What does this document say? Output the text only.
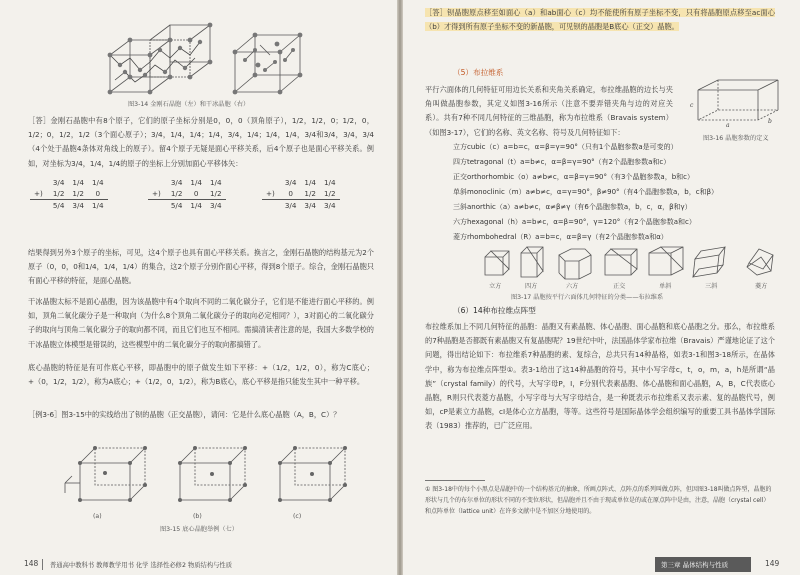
图3-14 金刚石晶胞（左）和干冰晶胞（右）

［答］金刚石晶胞中有8个原子，它们的原子坐标分别是0，0，0（顶角原子），1/2，1/2，0；1/2，0，1/2；0，1/2，1/2（3个面心原子）；3/4，1/4，1/4；1/4，3/4，1/4；1/4，1/4，3/4和3/4，3/4，3/4（4个处于晶胞4条体对角线上的原子）。留4个原子无疑是面心平移关系，后4个原子也是面心平移关系。例如，对坐标为3/4，1/4，1/4的原子的坐标上分别加面心平移体矢：

	3/4	1/4	1/4
+)	1/2	1/2	0
	5/4	3/4	1/4
	3/4	1/4	1/4
+)	1/2	0	1/2
	5/4	1/4	3/4
	3/4	1/4	1/4
+)	0	1/2	1/2
	3/4	3/4	3/4

结果得到另外3个原子的坐标，可见，这4个原子也具有面心平移关系。换言之，金刚石晶胞的结构基元为2个原子（0，0，0和1/4，1/4，1/4）的集合，这2个原子分别作面心平移，得到8个原子。综合，金刚石晶胞只有面心平移的特征，是面心晶胞。

干冰晶胞太标不是面心晶胞，因为该晶胞中有4个取向不同的二氧化碳分子，它们是不能进行面心平移的。例如，顶角二氧化碳分子是一种取向（为什么8个顶角二氧化碳分子的取向必定相同？），3对面心的二氧化碳分子的取向与顶角二氧化碳分子的取向都不同，而且它们也互不相同。需搞清读者注意的是，我国大多数学校的干冰晶胞立体模型是错误的，这些模型中的二氧化碳分子的取向都搞错了。

底心晶胞的特征是有可作底心平移，即晶胞中的原子做发生如下平移：+（1/2，1/2，0），称为C底心；+（0，1/2，1/2），称为A底心；+（1/2，0，1/2），称为B底心，底心平移是指只能发生其中一种平移。

［例3-6］图3-15中的实线给出了钡的晶胞（正交晶胞），请问：它是什么底心晶胞（A，B，C）？

(a)	(b)	(c)
图3-15 底心晶胞举例（七）
148 普通高中教科书 教师教学用书 化学 选择性必修2 物质结构与性质

［答］钡晶胞原点移至如面心（a）和ab面心（c）均不能使所有原子坐标不变，只有将晶胞原点移至ac面心（b）才得到所有原子坐标不变的新晶胞，可见钡的晶胞是B底心（正交）晶胞。

（5）布拉维系

平行六面体的几何特征可用边长关系和夹角关系确定，布拉维晶胞的边长与夹角叫做晶胞参数，其定义如图3-16所示（注意不要弄错夹角与边的对应关系）。共有7种不同几何特征的三维晶胞，称为布拉维系（Bravais system）（如图3-17），它们的名称、英文名称、符号及几何特征如下：

a
c
b
图3-16 晶胞参数的定义
立方cubic（c）a=b=c，α=β=γ=90°（只有1个晶胞参数a是可变的）
四方tetragonal（t）a=b≠c，α=β=γ=90°（有2个晶胞参数a和c）
正交orthorhombic（o）a≠b≠c，α=β=γ=90°（有3个晶胞参数a，b和c）
单斜monoclinic（m）a≠b≠c，α=γ=90°，β≠90°（有4个晶胞参数a，b，c和β）
三斜anorthic（a）a≠b≠c，α≠β≠γ（有6个晶胞参数a，b，c，α，β和γ）
六方hexagonal（h）a=b≠c，α=β=90°，γ=120°（有2个晶胞参数a和c）
菱方rhombohedral（R）a=b=c，α=β=γ（有2个晶胞参数a和α）
立方	四方	六方	正交	单斜	三斜	菱方
图3-17 晶胞按平行六面体几何特征的分类——布拉维系
（6）14种布拉维点阵型

布拉维系加上不同几何特征的晶胞：晶胞又有素晶胞、体心晶胞、面心晶胞和底心晶胞之分。那么，布拉维系的7种晶胞是否都既有素晶胞又有复晶胞呢？19世纪中叶，法国晶体学家布拉维（Bravais）严谨地论证了这个问题，得出结论如下：布拉维系7种晶胞的素、复综合，总共只有14种晶格，如表3-1和图3-18所示，在晶体学中，称为布拉维点阵型①。表3-1给出了这14种晶胞的符号，其中小写字母c，t，o，m，a，h是所谓“晶族”（crystal family）的代号，大写字母P，I，F分别代表素晶胞、体心晶胞和面心晶胞，A，B，C代表底心晶胞，R则只代表菱方晶胞，小写字母与大写字母结合，是一种既表示布拉维系又表示素、复的晶胞代号，例如，cP是素立方晶胞，cI是体心立方晶胞，等等。这些符号是国际晶体学会组织编写的重要工具书晶体学国际表（1983）推荐的，已广泛应用。

① 图3-18中的每个小黑点是晶胞中的一个结构基元的抽象，所画点阵式、点阵点的系列叫做点阵，但因图3-18叫做点阵型，晶胞的形状与几个的布尔单位的形状不同的不变位形状，但晶胞并且不由于现或单位是的或在原点阵中是由，注意，晶胞（crystal cell）和点阵单位（lattice unit）在许多文献中是不加区分地使用的。

第三章 晶体结构与性质	149
